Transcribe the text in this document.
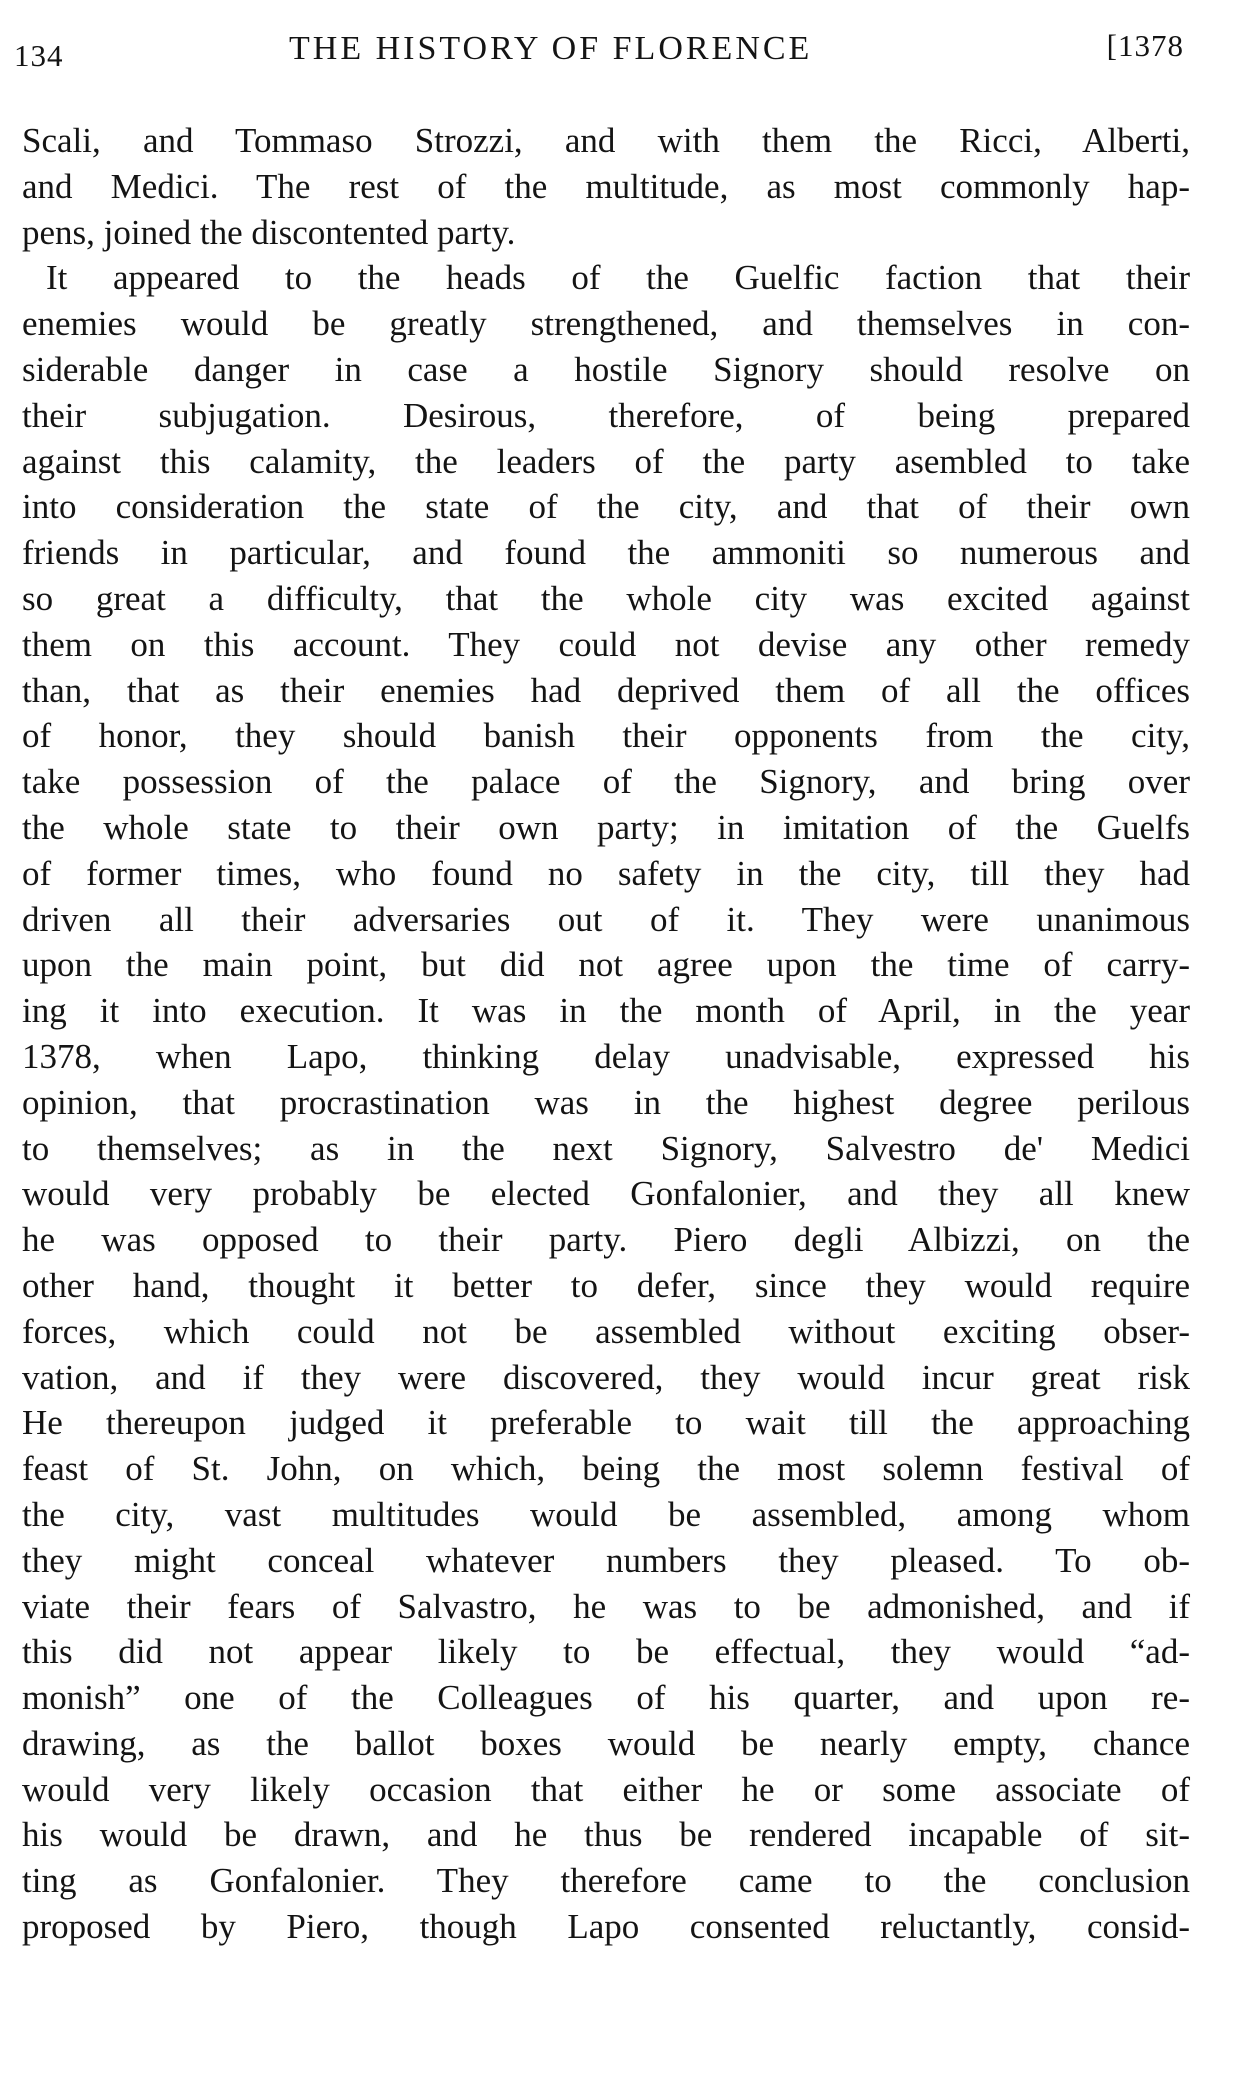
134	THE HISTORY OF FLORENCE	[1378
Scali, and Tommaso Strozzi, and with them the Ricci, Alberti,
and Medici. The rest of the multitude, as most commonly hap-
pens, joined the discontented party.
It appeared to the heads of the Guelfic faction that their
enemies would be greatly strengthened, and themselves in con-
siderable danger in case a hostile Signory should resolve on
their subjugation. Desirous, therefore, of being prepared
against this calamity, the leaders of the party asembled to take
into consideration the state of the city, and that of their own
friends in particular, and found the ammoniti so numerous and
so great a difficulty, that the whole city was excited against
them on this account. They could not devise any other remedy
than, that as their enemies had deprived them of all the offices
of honor, they should banish their opponents from the city,
take possession of the palace of the Signory, and bring over
the whole state to their own party; in imitation of the Guelfs
of former times, who found no safety in the city, till they had
driven all their adversaries out of it. They were unanimous
upon the main point, but did not agree upon the time of carry-
ing it into execution. It was in the month of April, in the year
1378, when Lapo, thinking delay unadvisable, expressed his
opinion, that procrastination was in the highest degree perilous
to themselves; as in the next Signory, Salvestro de' Medici
would very probably be elected Gonfalonier, and they all knew
he was opposed to their party. Piero degli Albizzi, on the
other hand, thought it better to defer, since they would require
forces, which could not be assembled without exciting obser-
vation, and if they were discovered, they would incur great risk
He thereupon judged it preferable to wait till the approaching
feast of St. John, on which, being the most solemn festival of
the city, vast multitudes would be assembled, among whom
they might conceal whatever numbers they pleased. To ob-
viate their fears of Salvastro, he was to be admonished, and if
this did not appear likely to be effectual, they would “ad-
monish” one of the Colleagues of his quarter, and upon re-
drawing, as the ballot boxes would be nearly empty, chance
would very likely occasion that either he or some associate of
his would be drawn, and he thus be rendered incapable of sit-
ting as Gonfalonier. They therefore came to the conclusion
proposed by Piero, though Lapo consented reluctantly, consid-
